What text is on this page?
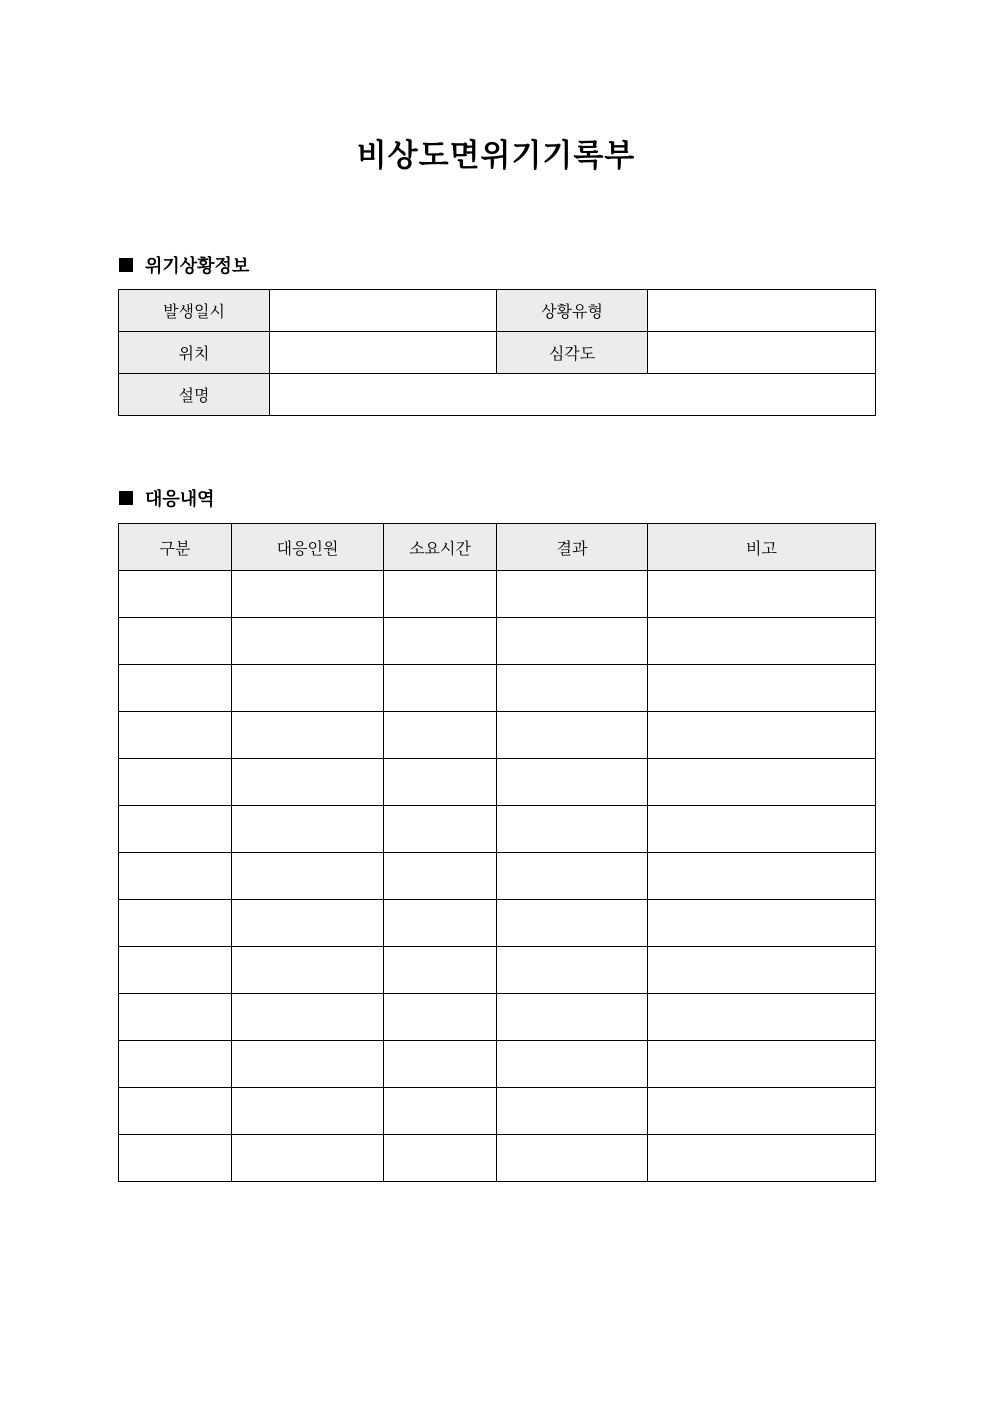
비상도면위기기록부
위기상황정보
발생일시		상황유형	
위치		심각도	
설명			
대응내역
구분	대응인원	소요시간	결과	비고
